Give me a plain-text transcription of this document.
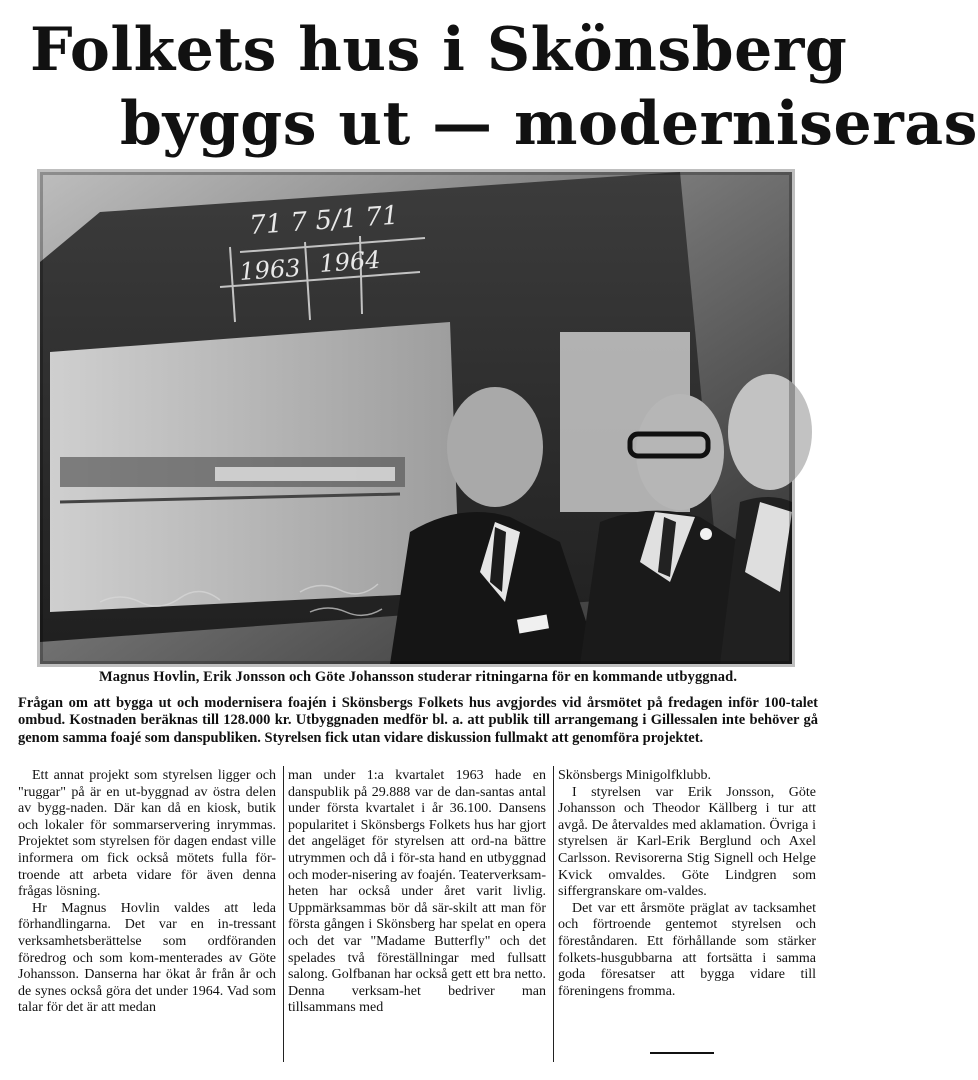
Folkets hus i Skönsberg
byggs ut — moderniseras
71 7 5/1 71
1963 1964
Magnus Hovlin, Erik Jonsson och Göte Johansson studerar ritningarna för en kommande utbyggnad.

Frågan om att bygga ut och modernisera foajén i Skönsbergs Folkets hus avgjordes vid årsmötet på fredagen inför 100-talet ombud. Kostnaden beräknas till 128.000 kr. Utbyggnaden medför bl. a. att publik till arrangemang i Gillessalen inte behöver gå genom samma foajé som danspubliken. Styrelsen fick utan vidare diskussion fullmakt att genomföra projektet.

Ett annat projekt som styrelsen ligger och "ruggar" på är en ut-byggnad av östra delen av bygg-naden. Där kan då en kiosk, butik och lokaler för sommarservering inrymmas. Projektet som styrelsen för dagen endast ville informera om fick också mötets fulla för-troende att arbeta vidare för även denna frågas lösning.

Hr Magnus Hovlin valdes att leda förhandlingarna. Det var en in-tressant verksamhetsberättelse som ordföranden föredrog och som kom-menterades av Göte Johansson. Danserna har ökat år från år och de synes också göra det under 1964. Vad som talar för det är att medan

man under 1:a kvartalet 1963 hade en danspublik på 29.888 var de dan-santas antal under första kvartalet i år 36.100. Dansens popularitet i Skönsbergs Folkets hus har gjort det angeläget för styrelsen att ord-na bättre utrymmen och då i för-sta hand en utbyggnad och moder-nisering av foajén. Teaterverksam-heten har också under året varit livlig. Uppmärksammas bör då sär-skilt att man för första gången i Skönsberg har spelat en opera och det var "Madame Butterfly" och det spelades två föreställningar med fullsatt salong. Golfbanan har också gett ett bra netto. Denna verksam-het bedriver man tillsammans med

Skönsbergs Minigolfklubb.

I styrelsen var Erik Jonsson, Göte Johansson och Theodor Källberg i tur att avgå. De återvaldes med aklamation. Övriga i styrelsen är Karl-Erik Berglund och Axel Carlsson. Revisorerna Stig Signell och Helge Kvick omvaldes. Göte Lindgren som siffergranskare om-valdes.

Det var ett årsmöte präglat av tacksamhet och förtroende gentemot styrelsen och föreståndaren. Ett förhållande som stärker folkets-husgubbarna att fortsätta i samma goda föresatser att bygga vidare till föreningens fromma.
